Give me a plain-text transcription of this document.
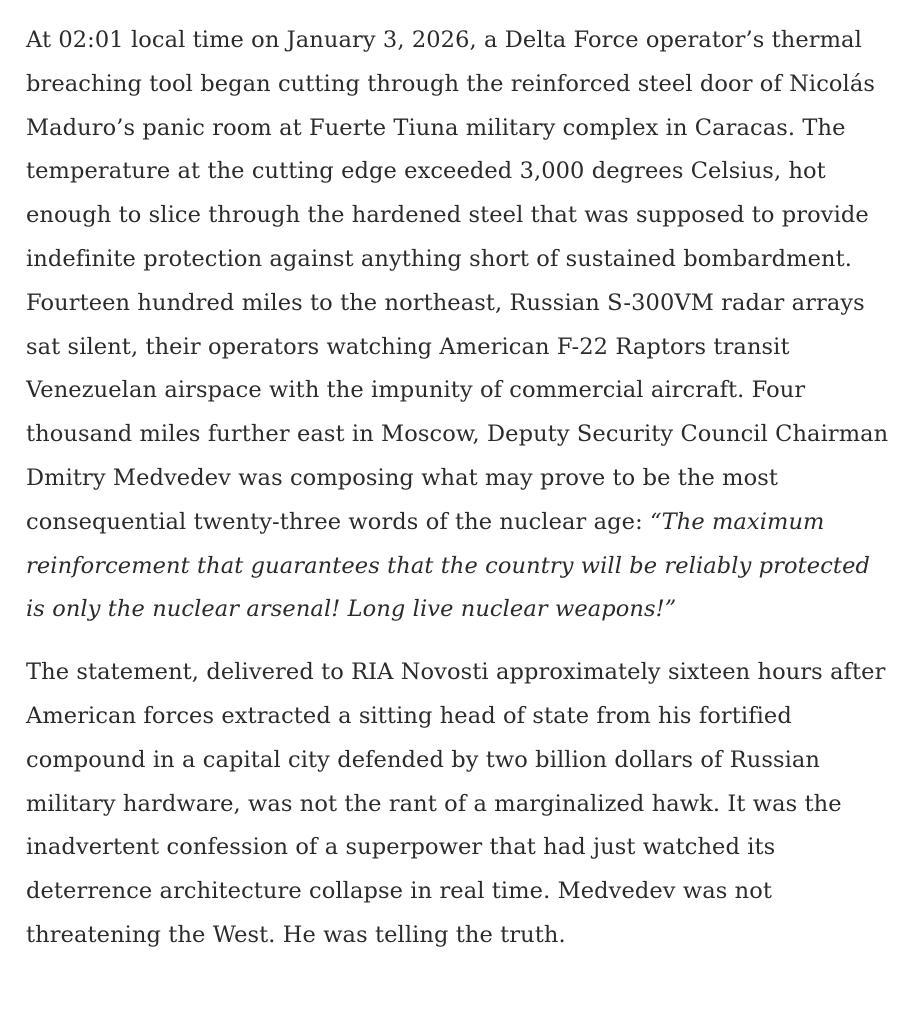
At 02:01 local time on January 3, 2026, a Delta Force operator’s thermal breaching tool began cutting through the reinforced steel door of Nicolás Maduro’s panic room at Fuerte Tiuna military complex in Caracas. The temperature at the cutting edge exceeded 3,000 degrees Celsius, hot enough to slice through the hardened steel that was supposed to provide indefinite protection against anything short of sustained bombardment. Fourteen hundred miles to the northeast, Russian S-300VM radar arrays sat silent, their operators watching American F-22 Raptors transit Venezuelan airspace with the impunity of commercial aircraft. Four thousand miles further east in Moscow, Deputy Security Council Chairman Dmitry Medvedev was composing what may prove to be the most consequential twenty-three words of the nuclear age: “The maximum reinforcement that guarantees that the country will be reliably protected is only the nuclear arsenal! Long live nuclear weapons!”

The statement, delivered to RIA Novosti approximately sixteen hours after American forces extracted a sitting head of state from his fortified compound in a capital city defended by two billion dollars of Russian military hardware, was not the rant of a marginalized hawk. It was the inadvertent confession of a superpower that had just watched its deterrence architecture collapse in real time. Medvedev was not threatening the West. He was telling the truth.
